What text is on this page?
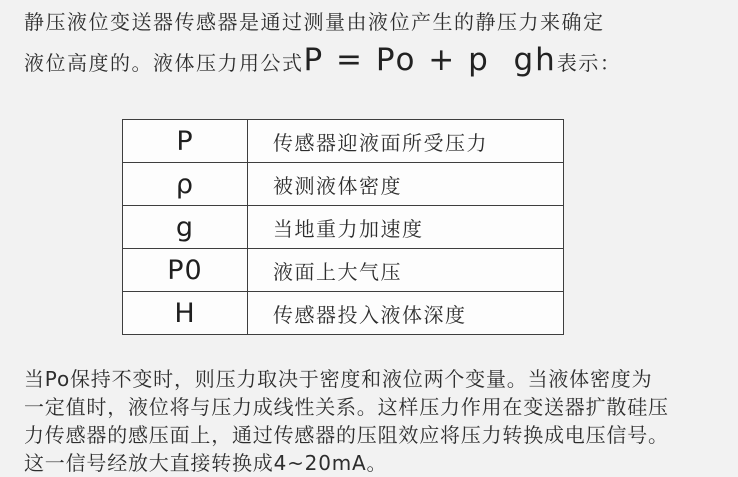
静压液位变送器传感器是通过测量由液位产生的静压力来确定
液位高度的。液体压力用公式P = Po + p  gh表示：
P	传感器迎液面所受压力
ρ	被测液体密度
g	当地重力加速度
P0	液面上大气压
H	传感器投入液体深度
当Po保持不变时，则压力取决于密度和液位两个变量。当液体密度为
一定值时，液位将与压力成线性关系。这样压力作用在变送器扩散硅压
力传感器的感压面上，通过传感器的压阻效应将压力转换成电压信号。
这一信号经放大直接转换成4~20mA。
